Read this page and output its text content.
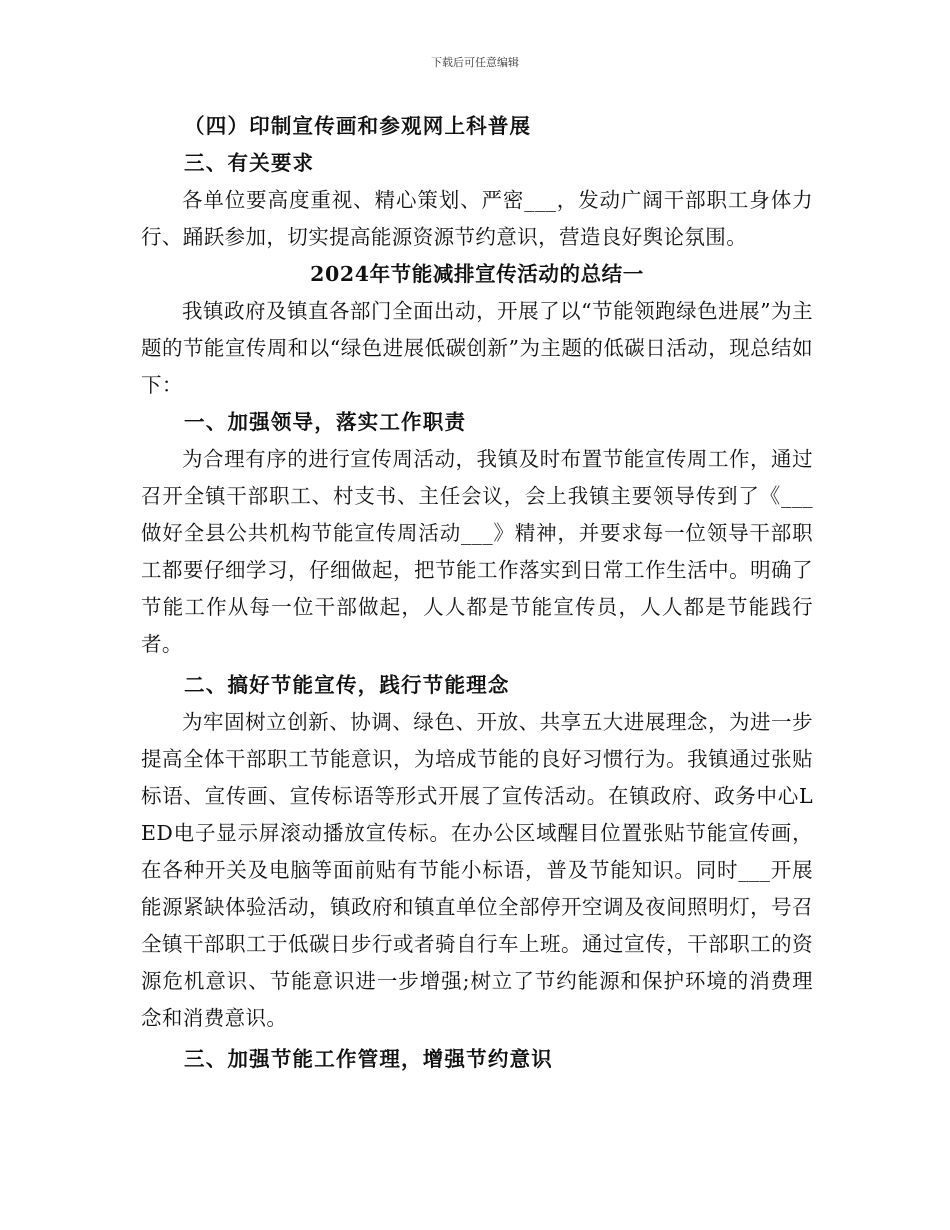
下载后可任意编辑

（四）印制宣传画和参观网上科普展

三、有关要求

各单位要高度重视、精心策划、严密___，发动广阔干部职工身体力行、踊跃参加，切实提高能源资源节约意识，营造良好舆论氛围。

2024年节能减排宣传活动的总结一

我镇政府及镇直各部门全面出动，开展了以“节能领跑绿色进展”为主题的节能宣传周和以“绿色进展低碳创新”为主题的低碳日活动，现总结如下：

一、加强领导，落实工作职责

为合理有序的进行宣传周活动，我镇及时布置节能宣传周工作，通过召开全镇干部职工、村支书、主任会议，会上我镇主要领导传到了《___做好全县公共机构节能宣传周活动___》精神，并要求每一位领导干部职工都要仔细学习，仔细做起，把节能工作落实到日常工作生活中。明确了节能工作从每一位干部做起，人人都是节能宣传员，人人都是节能践行者。

二、搞好节能宣传，践行节能理念

为牢固树立创新、协调、绿色、开放、共享五大进展理念，为进一步提高全体干部职工节能意识，为培成节能的良好习惯行为。我镇通过张贴标语、宣传画、宣传标语等形式开展了宣传活动。在镇政府、政务中心LED电子显示屏滚动播放宣传标。在办公区域醒目位置张贴节能宣传画，在各种开关及电脑等面前贴有节能小标语，普及节能知识。同时___开展能源紧缺体验活动，镇政府和镇直单位全部停开空调及夜间照明灯，号召全镇干部职工于低碳日步行或者骑自行车上班。通过宣传，干部职工的资源危机意识、节能意识进一步增强;树立了节约能源和保护环境的消费理念和消费意识。

三、加强节能工作管理，增强节约意识
